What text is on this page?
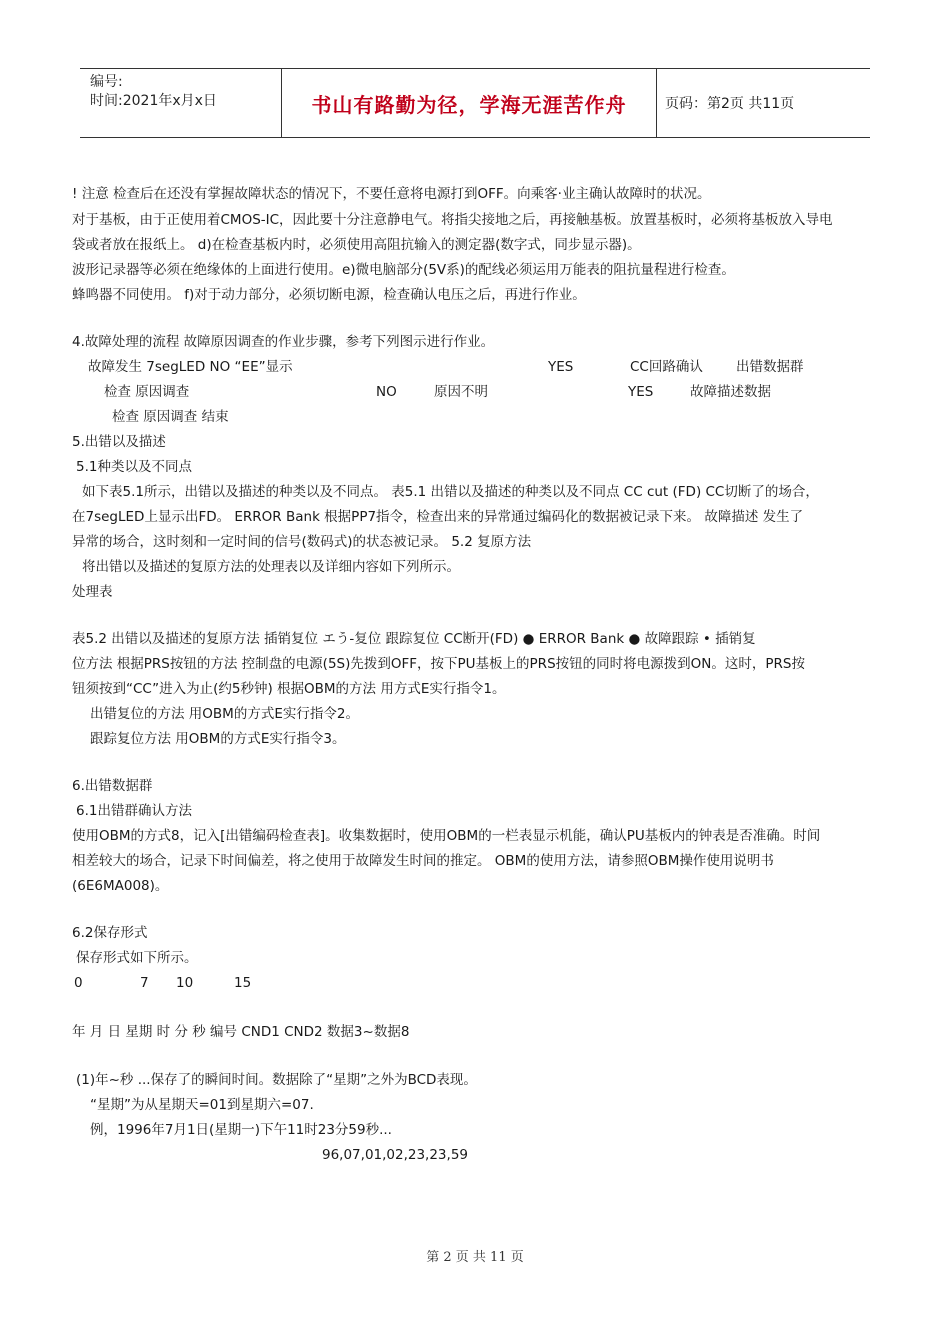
编号:
时间:2021年x月x日	书山有路勤为径，学海无涯苦作舟	页码：第2页 共11页
! 注意 检查后在还没有掌握故障状态的情况下，不要任意将电源打到OFF。向乘客·业主确认故障时的状况。
对于基板，由于正使用着CMOS-IC，因此要十分注意静电气。将指尖接地之后，再接触基板。放置基板时，必须将基板放入导电
袋或者放在报纸上。 d)在检查基板内时，必须使用高阻抗输入的测定器(数字式，同步显示器)。
波形记录器等必须在绝缘体的上面进行使用。e)微电脑部分(5V系)的配线必须运用万能表的阻抗量程进行检查。
蜂鸣器不同使用。 f)对于动力部分，必须切断电源，检查确认电压之后，再进行作业。
4.故障处理的流程 故障原因调查的作业步骤，参考下列图示进行作业。
故障发生 7segLED NO “EE”显示	YES	CC回路确认 出错数据群
检查 原因调查	NO	原因不明	YES	故障描述数据
检查 原因调查 结束
5.出错以及描述
5.1种类以及不同点
如下表5.1所示，出错以及描述的种类以及不同点。 表5.1 出错以及描述的种类以及不同点 CC cut (FD) CC切断了的场合，
在7segLED上显示出FD。 ERROR Bank 根据PP7指令，检查出来的异常通过编码化的数据被记录下来。 故障描述 发生了
异常的场合，这时刻和一定时间的信号(数码式)的状态被记录。 5.2 复原方法
将出错以及描述的复原方法的处理表以及详细内容如下列所示。
处理表
表5.2 出错以及描述的复原方法 插销复位 エう-复位 跟踪复位 CC断开(FD) ● ERROR Bank ● 故障跟踪 • 插销复
位方法 根据PRS按钮的方法 控制盘的电源(5S)先拨到OFF，按下PU基板上的PRS按钮的同时将电源拨到ON。这时，PRS按
钮须按到“CC”进入为止(约5秒钟) 根据OBM的方法 用方式E实行指令1。
出错复位的方法 用OBM的方式E实行指令2。
跟踪复位方法 用OBM的方式E实行指令3。
6.出错数据群
6.1出错群确认方法
使用OBM的方式8，记入[出错编码检查表]。收集数据时，使用OBM的一栏表显示机能，确认PU基板内的钟表是否准确。时间
相差较大的场合，记录下时间偏差，将之使用于故障发生时间的推定。 OBM的使用方法，请参照OBM操作使用说明书
(6E6MA008)。
6.2保存形式
保存形式如下所示。
0	7 10	15
年 月 日 星期 时 分 秒 编号 CND1 CND2 数据3~数据8
(1)年~秒 ...保存了的瞬间时间。数据除了“星期”之外为BCD表现。
“星期”为从星期天=01到星期六=07.
例，1996年7月1日(星期一)下午11时23分59秒...
96,07,01,02,23,23,59
第 2 页 共 11 页
